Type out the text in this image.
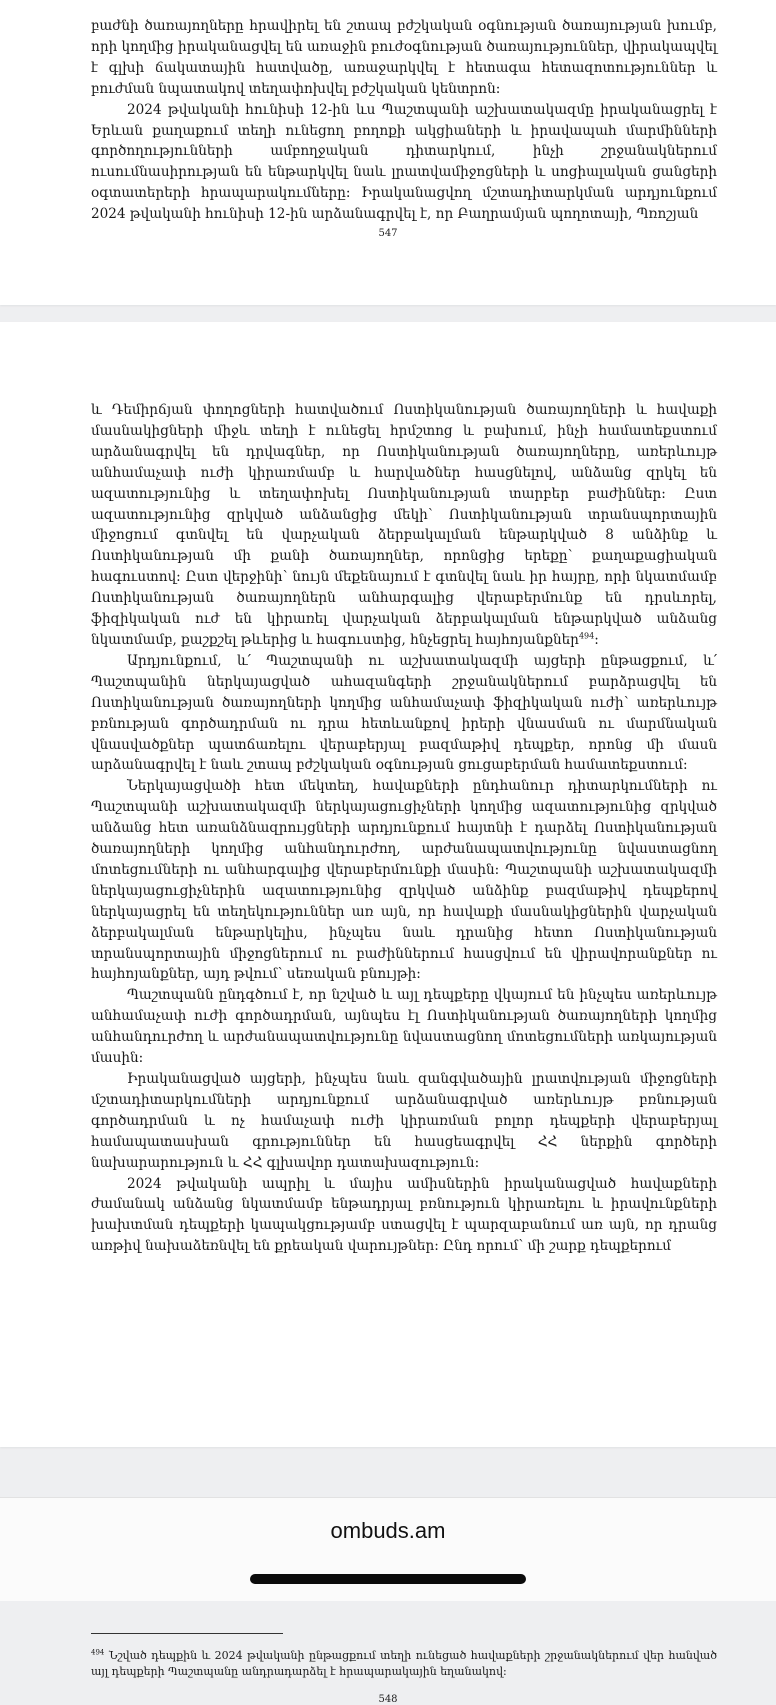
բաժնի ծառայողները հրավիրել են շտապ բժշկական օգնության ծառայության խումբ, որի կողմից իրականացվել են առաջին բուժօգնության ծառայություններ, վիրակապվել է գլխի ճակատային հատվածը, առաջարկվել է հետագա հետազոտություններ և բուժման նպատակով տեղափոխվել բժշկական կենտրոն:

2024 թվականի հունիսի 12-ին ևս Պաշտպանի աշխատակազմը իրականացրել է Երևան քաղաքում տեղի ունեցող բողոքի ակցիաների և իրավապահ մարմինների գործողությունների ամբողջական դիտարկում, ինչի շրջանակներում ուսումնասիրության են ենթարկվել նաև լրատվամիջոցների և սոցիալական ցանցերի օգտատերերի հրապարակումները: Իրականացվող մշտադիտարկման արդյունքում 2024 թվականի հունիսի 12-ին արձանագրվել է, որ Բաղրամյան պողոտայի, Պռոշյան

547

և Դեմիրճյան փողոցների հատվածում Ոստիկանության ծառայողների և հավաքի մասնակիցների միջև տեղի է ունեցել հրմշտոց և բախում, ինչի համատեքստում արձանագրվել են դրվագներ, որ Ոստիկանության ծառայողները, առերևույթ անհամաչափ ուժի կիրառմամբ և հարվածներ հասցնելով, անձանց զրկել են ազատությունից և տեղափոխել Ոստիկանության տարբեր բաժիններ: Ըստ ազատությունից զրկված անձանցից մեկի՝ Ոստիկանության տրանսպորտային միջոցում գտնվել են վարչական ձերբակալման ենթարկված 8 անձինք և Ոստիկանության մի քանի ծառայողներ, որոնցից երեքը՝ քաղաքացիական հագուստով: Ըստ վերջինի՝ նույն մեքենայում է գտնվել նաև իր հայրը, որի նկատմամբ Ոստիկանության ծառայողներն անհարգալից վերաբերմունք են դրսևորել, ֆիզիկական ուժ են կիրառել վարչական ձերբակալման ենթարկված անձանց նկատմամբ, քաշքշել թևերից և հագուստից, հնչեցրել հայհոյանքներ$^{494}$:

Արդյունքում, և՛ Պաշտպանի ու աշխատակազմի այցերի ընթացքում, և՛ Պաշտպանին ներկայացված ահազանգերի շրջանակներում բարձրացվել են Ոստիկանության ծառայողների կողմից անհամաչափ ֆիզիկական ուժի՝ առերևույթ բռնության գործադրման ու դրա հետևանքով իրերի վնասման ու մարմնական վնասվածքներ պատճառելու վերաբերյալ բազմաթիվ դեպքեր, որոնց մի մասն արձանագրվել է նաև շտապ բժշկական օգնության ցուցաբերման համատեքստում:

Ներկայացվածի հետ մեկտեղ, հավաքների ընդհանուր դիտարկումների ու Պաշտպանի աշխատակազմի ներկայացուցիչների կողմից ազատությունից զրկված անձանց հետ առանձնազրույցների արդյունքում հայտնի է դարձել Ոստիկանության ծառայողների կողմից անհանդուրժող, արժանապատվությունը նվաստացնող մոտեցումների ու անհարգալից վերաբերմունքի մասին: Պաշտպանի աշխատակազմի ներկայացուցիչներին ազատությունից զրկված անձինք բազմաթիվ դեպքերով ներկայացրել են տեղեկություններ առ այն, որ հավաքի մասնակիցներին վարչական ձերբակալման ենթարկելիս, ինչպես նաև դրանից հետո Ոստիկանության տրանսպորտային միջոցներում ու բաժիններում հասցվում են վիրավորանքներ ու հայհոյանքներ, այդ թվում՝ սեռական բնույթի:

Պաշտպանն ընդգծում է, որ նշված և այլ դեպքերը վկայում են ինչպես առերևույթ անհամաչափ ուժի գործադրման, այնպես էլ Ոստիկանության ծառայողների կողմից անհանդուրժող և արժանապատվությունը նվաստացնող մոտեցումների առկայության մասին:

Իրականացված այցերի, ինչպես նաև զանգվածային լրատվության միջոցների մշտադիտարկումների արդյունքում արձանագրված առերևույթ բռնության գործադրման և ոչ համաչափ ուժի կիրառման բոլոր դեպքերի վերաբերյալ համապատասխան գրություններ են հասցեագրվել ՀՀ ներքին գործերի նախարարություն և ՀՀ գլխավոր դատախազություն:

2024 թվականի ապրիլ և մայիս ամիսներին իրականացված հավաքների ժամանակ անձանց նկատմամբ ենթադրյալ բռնություն կիրառելու և իրավունքների խախտման դեպքերի կապակցությամբ ստացվել է պարզաբանում առ այն, որ դրանց առթիվ նախաձեռնվել են քրեական վարույթներ: Ընդ որում՝ մի շարք դեպքերում

$^{494}$ Նշված դեպքին և 2024 թվականի ընթացքում տեղի ունեցած հավաքների շրջանակներում վեր հանված այլ դեպքերի Պաշտպանը անդրադարձել է հրապարակային եղանակով:
548
ombuds.am
